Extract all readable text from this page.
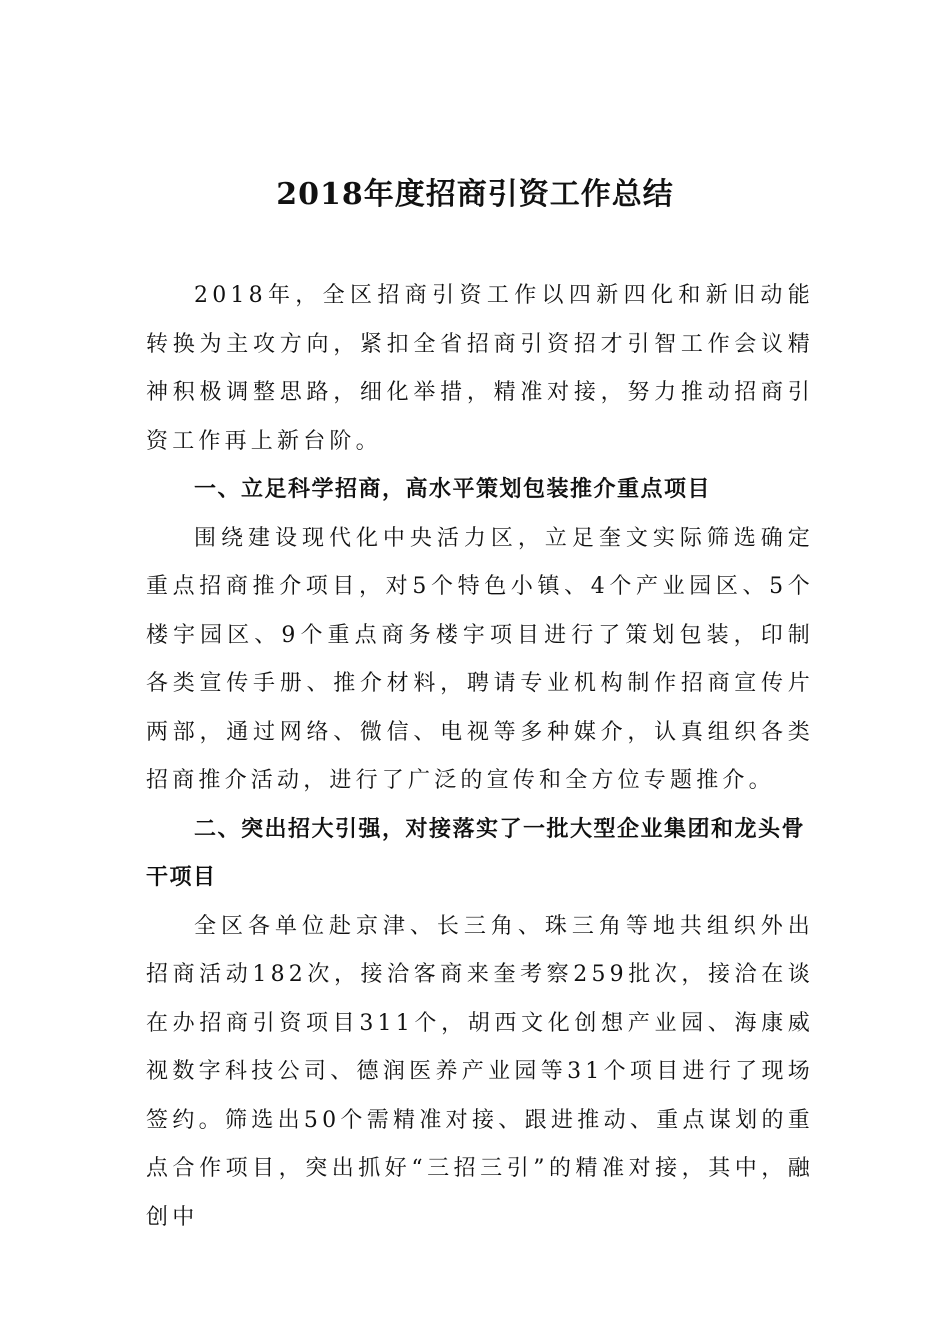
2018年度招商引资工作总结

2018年，全区招商引资工作以四新四化和新旧动能转换为主攻方向，紧扣全省招商引资招才引智工作会议精神积极调整思路，细化举措，精准对接，努力推动招商引资工作再上新台阶。

一、立足科学招商，高水平策划包装推介重点项目

围绕建设现代化中央活力区，立足奎文实际筛选确定重点招商推介项目，对5个特色小镇、4个产业园区、5个楼宇园区、9个重点商务楼宇项目进行了策划包装，印制各类宣传手册、推介材料，聘请专业机构制作招商宣传片两部，通过网络、微信、电视等多种媒介，认真组织各类招商推介活动，进行了广泛的宣传和全方位专题推介。

二、突出招大引强，对接落实了一批大型企业集团和龙头骨干项目

全区各单位赴京津、长三角、珠三角等地共组织外出招商活动182次，接洽客商来奎考察259批次，接洽在谈在办招商引资项目311个，胡西文化创想产业园、海康威视数字科技公司、德润医养产业园等31个项目进行了现场签约。筛选出50个需精准对接、跟进推动、重点谋划的重点合作项目，突出抓好“三招三引”的精准对接，其中，融创中
